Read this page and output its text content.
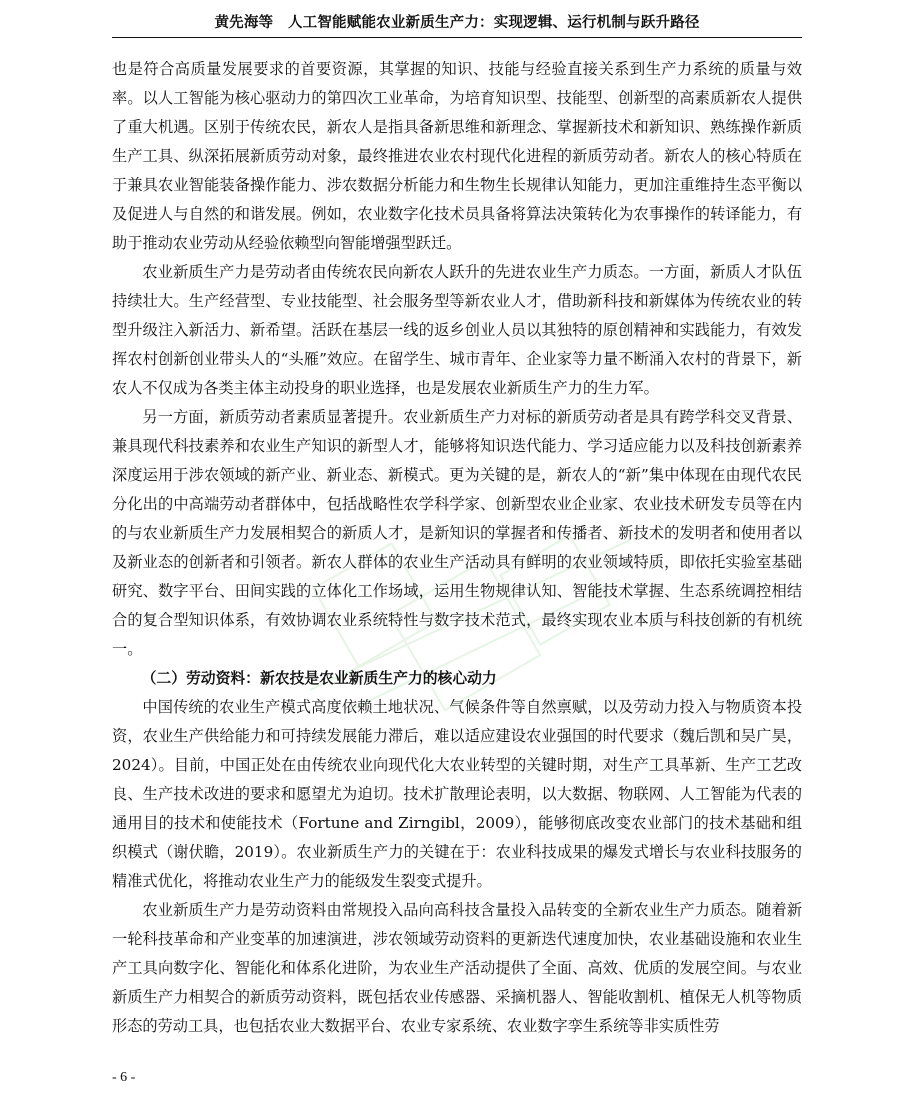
黄先海等　 人工智能赋能农业新质生产力：实现逻辑、运行机制与跃升路径

也是符合高质量发展要求的首要资源，其掌握的知识、技能与经验直接关系到生产力系统的质量与效率。以人工智能为核心驱动力的第四次工业革命，为培育知识型、技能型、创新型的高素质新农人提供了重大机遇。区别于传统农民，新农人是指具备新思维和新理念、掌握新技术和新知识、熟练操作新质生产工具、纵深拓展新质劳动对象，最终推进农业农村现代化进程的新质劳动者。新农人的核心特质在于兼具农业智能装备操作能力、涉农数据分析能力和生物生长规律认知能力，更加注重维持生态平衡以及促进人与自然的和谐发展。例如，农业数字化技术员具备将算法决策转化为农事操作的转译能力，有助于推动农业劳动从经验依赖型向智能增强型跃迁。

农业新质生产力是劳动者由传统农民向新农人跃升的先进农业生产力质态。一方面，新质人才队伍持续壮大。生产经营型、专业技能型、社会服务型等新农业人才，借助新科技和新媒体为传统农业的转型升级注入新活力、新希望。活跃在基层一线的返乡创业人员以其独特的原创精神和实践能力，有效发挥农村创新创业带头人的“头雁”效应。在留学生、城市青年、企业家等力量不断涌入农村的背景下，新农人不仅成为各类主体主动投身的职业选择，也是发展农业新质生产力的生力军。

另一方面，新质劳动者素质显著提升。农业新质生产力对标的新质劳动者是具有跨学科交叉背景、兼具现代科技素养和农业生产知识的新型人才，能够将知识迭代能力、学习适应能力以及科技创新素养深度运用于涉农领域的新产业、新业态、新模式。更为关键的是，新农人的“新”集中体现在由现代农民分化出的中高端劳动者群体中，包括战略性农学科学家、创新型农业企业家、农业技术研发专员等在内的与农业新质生产力发展相契合的新质人才，是新知识的掌握者和传播者、新技术的发明者和使用者以及新业态的创新者和引领者。新农人群体的农业生产活动具有鲜明的农业领域特质，即依托实验室基础研究、数字平台、田间实践的立体化工作场域，运用生物规律认知、智能技术掌握、生态系统调控相结合的复合型知识体系，有效协调农业系统特性与数字技术范式，最终实现农业本质与科技创新的有机统一。

（二）劳动资料：新农技是农业新质生产力的核心动力

中国传统的农业生产模式高度依赖土地状况、气候条件等自然禀赋，以及劳动力投入与物质资本投资，农业生产供给能力和可持续发展能力滞后，难以适应建设农业强国的时代要求（魏后凯和吴广昊，2024）。目前，中国正处在由传统农业向现代化大农业转型的关键时期，对生产工具革新、生产工艺改良、生产技术改进的要求和愿望尤为迫切。技术扩散理论表明，以大数据、物联网、人工智能为代表的通用目的技术和使能技术（Fortune and Zirngibl，2009），能够彻底改变农业部门的技术基础和组织模式（谢伏瞻，2019）。农业新质生产力的关键在于：农业科技成果的爆发式增长与农业科技服务的精准式优化，将推动农业生产力的能级发生裂变式提升。

农业新质生产力是劳动资料由常规投入品向高科技含量投入品转变的全新农业生产力质态。随着新一轮科技革命和产业变革的加速演进，涉农领域劳动资料的更新迭代速度加快，农业基础设施和农业生产工具向数字化、智能化和体系化进阶，为农业生产活动提供了全面、高效、优质的发展空间。与农业新质生产力相契合的新质劳动资料，既包括农业传感器、采摘机器人、智能收割机、植保无人机等物质形态的劳动工具，也包括农业大数据平台、农业专家系统、农业数字孪生系统等非实质性劳

- 6 -
